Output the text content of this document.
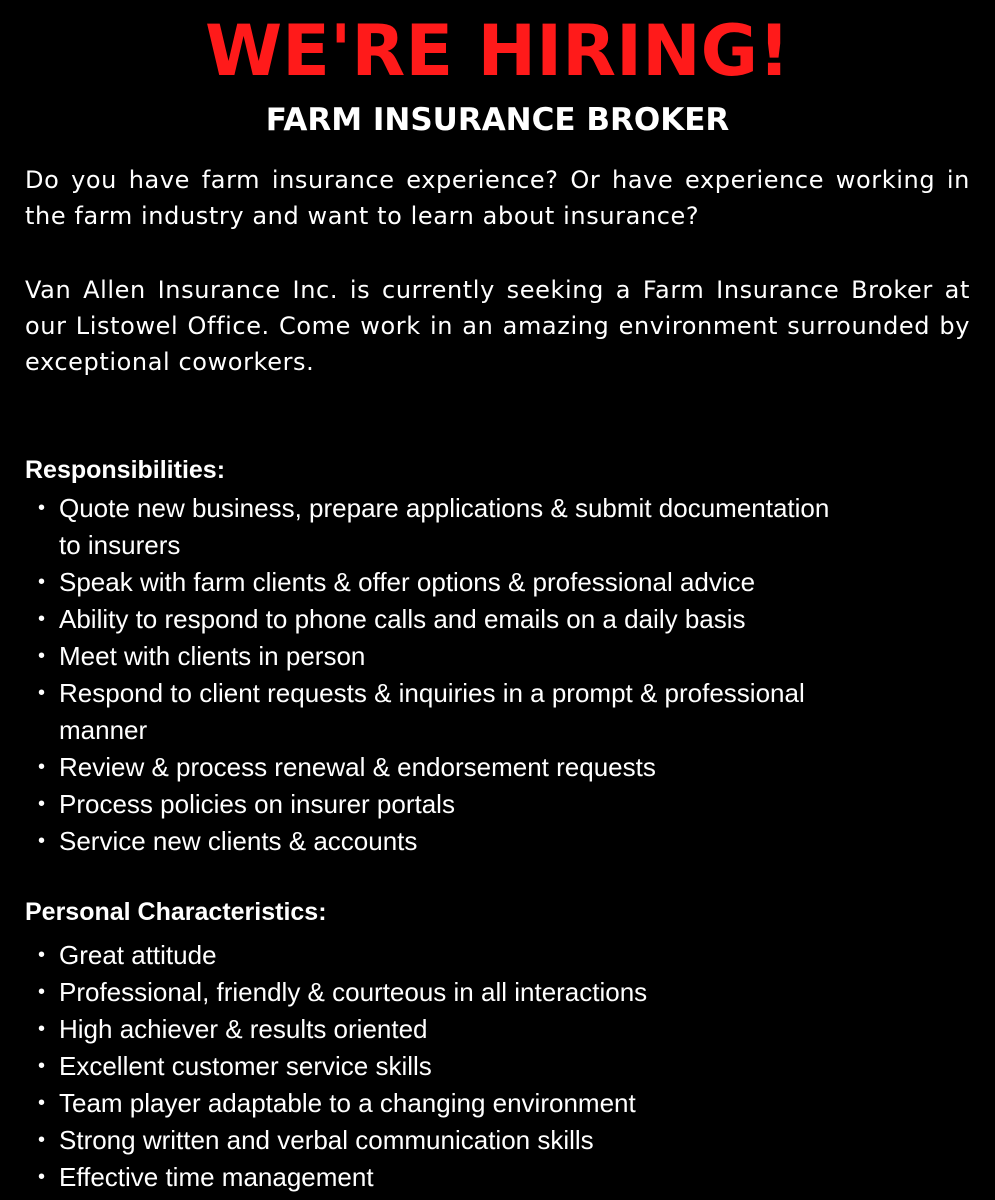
WE'RE HIRING!
FARM INSURANCE BROKER

Do you have farm insurance experience? Or have experience working in the farm industry and want to learn about insurance?

Van Allen Insurance Inc. is currently seeking a Farm Insurance Broker at our Listowel Office. Come work in an amazing environment surrounded by exceptional coworkers.

Responsibilities:
• Quote new business, prepare applications & submit documentation to insurers
• Speak with farm clients & offer options & professional advice
• Ability to respond to phone calls and emails on a daily basis
• Meet with clients in person
• Respond to client requests & inquiries in a prompt & professional manner
• Review & process renewal & endorsement requests
• Process policies on insurer portals
• Service new clients & accounts
Personal Characteristics:
• Great attitude
• Professional, friendly & courteous in all interactions
• High achiever & results oriented
• Excellent customer service skills
• Team player adaptable to a changing environment
• Strong written and verbal communication skills
• Effective time management
